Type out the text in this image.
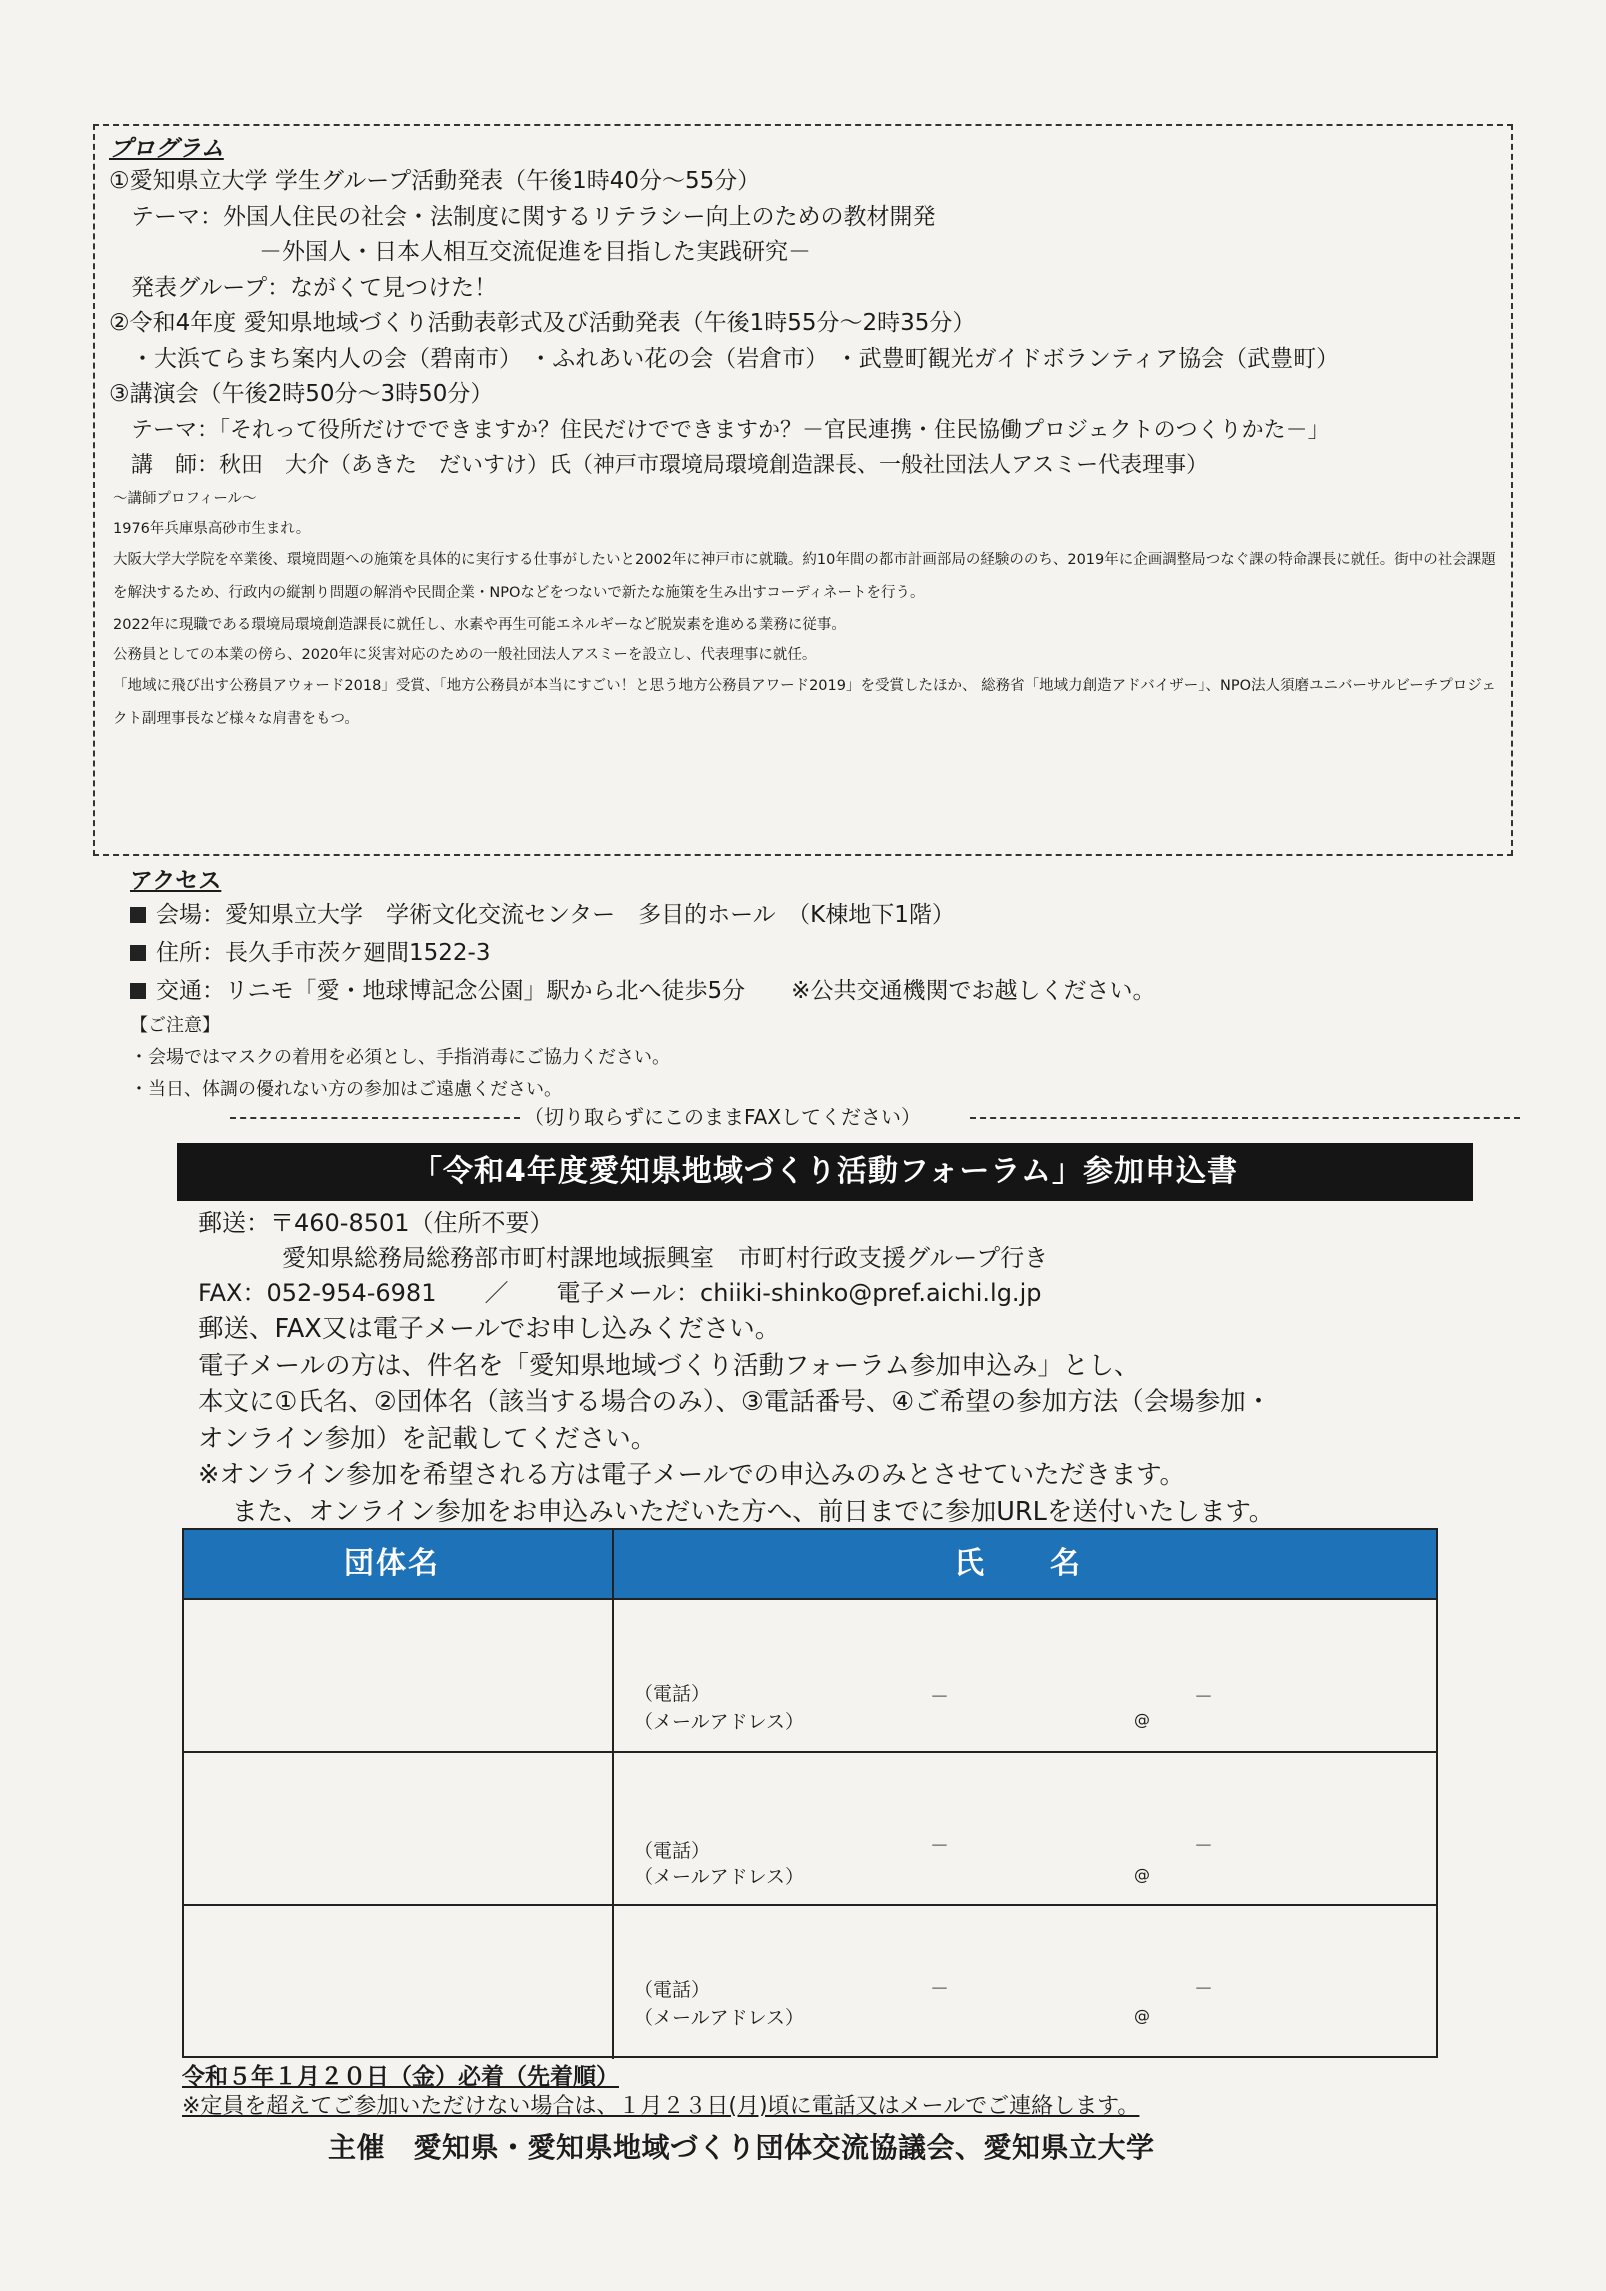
プログラム
①愛知県立大学 学生グループ活動発表（午後1時40分～55分）
テーマ：外国人住民の社会・法制度に関するリテラシー向上のための教材開発
－外国人・日本人相互交流促進を目指した実践研究－
発表グループ：ながくて見つけた！
②令和4年度 愛知県地域づくり活動表彰式及び活動発表（午後1時55分～2時35分）
・大浜てらまち案内人の会（碧南市） ・ふれあい花の会（岩倉市） ・武豊町観光ガイドボランティア協会（武豊町）
③講演会（午後2時50分～3時50分）
テーマ：「それって役所だけでできますか？住民だけでできますか？－官民連携・住民協働プロジェクトのつくりかた－」
講　師：秋田　大介（あきた　だいすけ）氏（神戸市環境局環境創造課長、一般社団法人アスミー代表理事）
～講師プロフィール～
1976年兵庫県高砂市生まれ。
大阪大学大学院を卒業後、環境問題への施策を具体的に実行する仕事がしたいと2002年に神戸市に就職。約10年間の都市計画部局の経験ののち、2019年に企画調整局つなぐ課の特命課長に就任。街中の社会課題を解決するため、行政内の縦割り問題の解消や民間企業・NPOなどをつないで新たな施策を生み出すコーディネートを行う。
2022年に現職である環境局環境創造課長に就任し、水素や再生可能エネルギーなど脱炭素を進める業務に従事。
公務員としての本業の傍ら、2020年に災害対応のための一般社団法人アスミーを設立し、代表理事に就任。
「地域に飛び出す公務員アウォード2018」受賞、「地方公務員が本当にすごい！と思う地方公務員アワード2019」を受賞したほか、 総務省「地域力創造アドバイザー」、NPO法人須磨ユニバーサルビーチプロジェクト副理事長など様々な肩書をもつ。
アクセス
会場：愛知県立大学　学術文化交流センター　多目的ホール　（K棟地下1階）
住所：長久手市茨ケ廻間1522-3
交通：リニモ「愛・地球博記念公園」駅から北へ徒歩5分　　※公共交通機関でお越しください。
【ご注意】
・会場ではマスクの着用を必須とし、手指消毒にご協力ください。
・当日、体調の優れない方の参加はご遠慮ください。
（切り取らずにこのままFAXしてください）
「令和4年度愛知県地域づくり活動フォーラム」参加申込書
郵送：〒460-8501（住所不要）
愛知県総務局総務部市町村課地域振興室　市町村行政支援グループ行き
FAX：052-954-6981　　／　　電子メール：chiiki-shinko@pref.aichi.lg.jp
郵送、FAX又は電子メールでお申し込みください。
電子メールの方は、件名を「愛知県地域づくり活動フォーラム参加申込み」とし、
本文に①氏名、②団体名（該当する場合のみ）、③電話番号、④ご希望の参加方法（会場参加・
オンライン参加）を記載してください。
※オンライン参加を希望される方は電子メールでの申込みのみとさせていただきます。
また、オンライン参加をお申込みいただいた方へ、前日までに参加URLを送付いたします。
団体名	氏　　名
（電話）	－	－
（メールアドレス）	@
（電話）	－	－
（メールアドレス）	@
（電話）	－	－
（メールアドレス）	@
令和５年１月２０日（金）必着（先着順）
※定員を超えてご参加いただけない場合は、１月２３日(月)頃に電話又はメールでご連絡します。
主催　愛知県・愛知県地域づくり団体交流協議会、愛知県立大学
